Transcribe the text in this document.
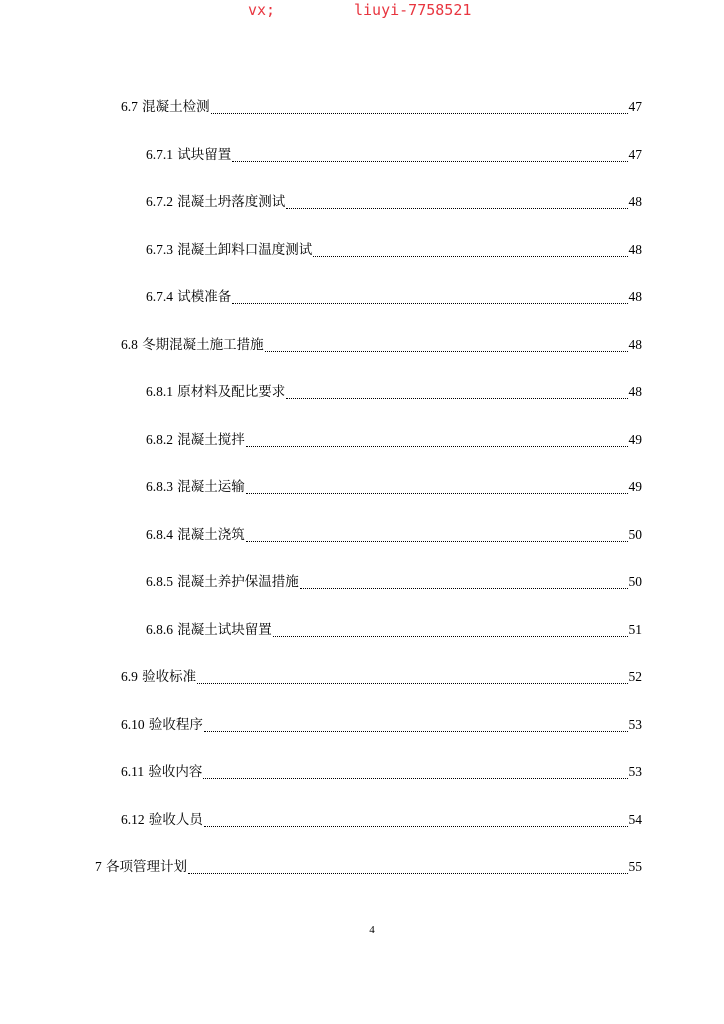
vx;	liuyi-7758521
6.7 混凝土检测	47
6.7.1 试块留置	47
6.7.2 混凝土坍落度测试	48
6.7.3 混凝土卸料口温度测试	48
6.7.4 试模准备	48
6.8 冬期混凝土施工措施	48
6.8.1 原材料及配比要求	48
6.8.2 混凝土搅拌	49
6.8.3 混凝土运输	49
6.8.4 混凝土浇筑	50
6.8.5 混凝土养护保温措施	50
6.8.6 混凝土试块留置	51
6.9 验收标准	52
6.10 验收程序	53
6.11 验收内容	53
6.12 验收人员	54
7 各项管理计划	55
4
